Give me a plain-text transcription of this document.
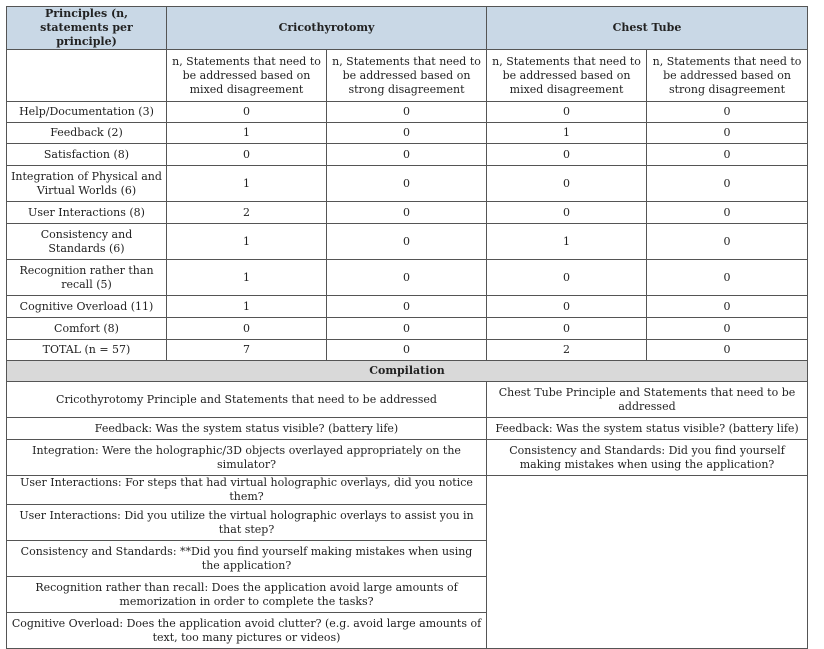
Principles (n, statements per principle)	Cricothyrotomy		Chest Tube	
	n, Statements that need to be addressed based on mixed disagreement	n, Statements that need to be addressed based on strong disagreement	n, Statements that need to be addressed based on mixed disagreement	n, Statements that need to be addressed based on strong disagreement
Help/Documentation (3)	0	0	0	0
Feedback (2)	1	0	1	0
Satisfaction (8)	0	0	0	0
Integration of Physical and Virtual Worlds (6)	1	0	0	0
User Interactions (8)	2	0	0	0
Consistency and Standards (6)	1	0	1	0
Recognition rather than recall (5)	1	0	0	0
Cognitive Overload (11)	1	0	0	0
Comfort (8)	0	0	0	0
TOTAL (n = 57)	7	0	2	0
Compilation				
Cricothyrotomy Principle and Statements that need to be addressed			Chest Tube Principle and Statements that need to be addressed	
Feedback: Was the system status visible? (battery life)			Feedback: Was the system status visible? (battery life)	
Integration: Were the holographic/3D objects overlayed appropriately on the simulator?			Consistency and Standards: Did you find yourself making mistakes when using the application?	
User Interactions: For steps that had virtual holographic overlays, did you notice them?				
User Interactions: Did you utilize the virtual holographic overlays to assist you in that step?				
Consistency and Standards: **Did you find yourself making mistakes when using the application?				
Recognition rather than recall: Does the application avoid large amounts of memorization in order to complete the tasks?				
Cognitive Overload: Does the application avoid clutter? (e.g. avoid large amounts of text, too many pictures or videos)				
